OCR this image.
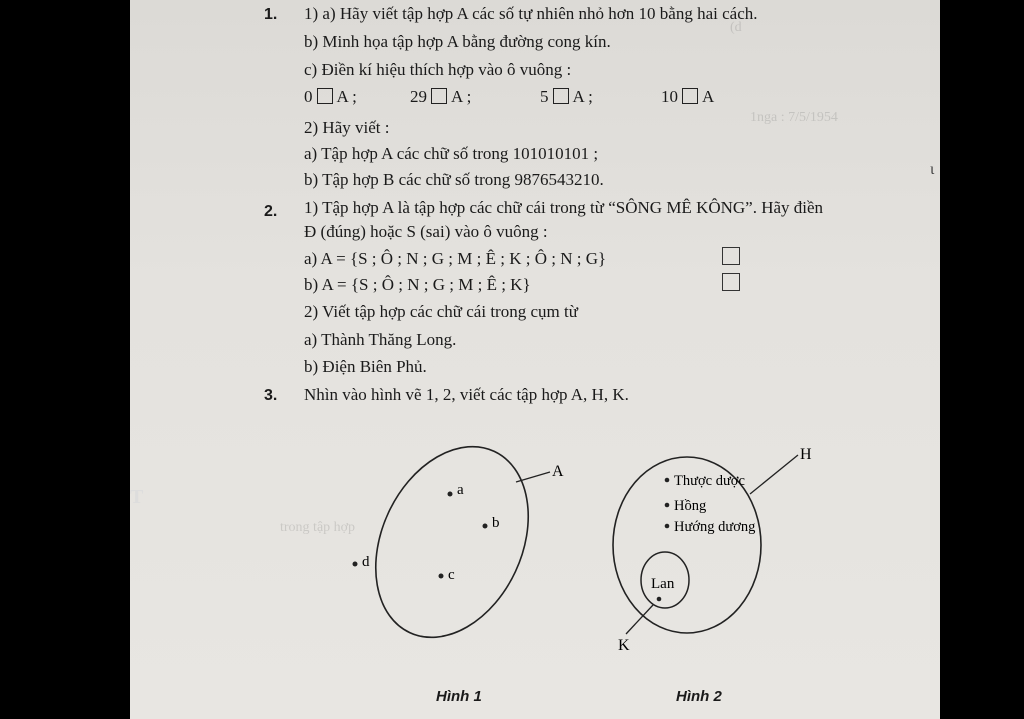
(d
1nga : 7/5/1954
trong tập hợp
1. 1) a) Hãy viết tập hợp A các số tự nhiên nhỏ hơn 10 bằng hai cách.
b) Minh họa tập hợp A bằng đường cong kín.
c) Điền kí hiệu thích hợp vào ô vuông :
0 A ;	29 A ;	5 A ;	10 A
2) Hãy viết :
a) Tập hợp A các chữ số trong 101010101 ;
b) Tập hợp B các chữ số trong 9876543210.
2. 1) Tập hợp A là tập hợp các chữ cái trong từ “SÔNG MÊ KÔNG”. Hãy điền
Đ (đúng) hoặc S (sai) vào ô vuông :
a) A = {S ; Ô ; N ; G ; M ; Ê ; K ; Ô ; N ; G}
b) A = {S ; Ô ; N ; G ; M ; Ê ; K}
2) Viết tập hợp các chữ cái trong cụm từ
a) Thành Thăng Long.
b) Điện Biên Phủ.
3. Nhìn vào hình vẽ 1, 2, viết các tập hợp A, H, K.
A
a
b
c
d
H
Thược dược
Hồng
Hướng dương
Lan
K
Hình 1	Hình 2
ɩ
T
